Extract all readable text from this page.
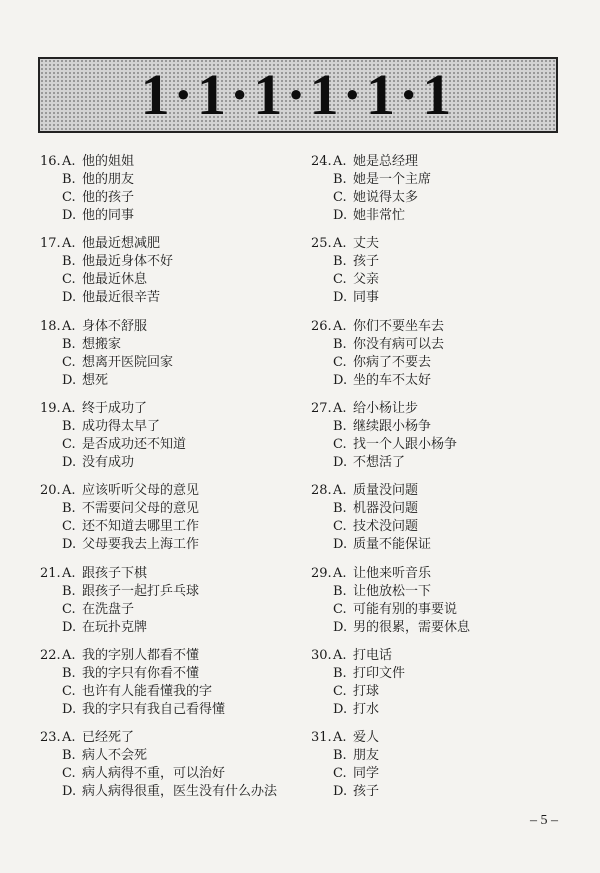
1·1·1·1·1·1
16. A. 他的姐姐
B. 他的朋友
C. 他的孩子
D. 他的同事
17. A. 他最近想减肥
B. 他最近身体不好
C. 他最近休息
D. 他最近很辛苦
18. A. 身体不舒服
B. 想搬家
C. 想离开医院回家
D. 想死
19. A. 终于成功了
B. 成功得太早了
C. 是否成功还不知道
D. 没有成功
20. A. 应该听听父母的意见
B. 不需要问父母的意见
C. 还不知道去哪里工作
D. 父母要我去上海工作
21. A. 跟孩子下棋
B. 跟孩子一起打乒乓球
C. 在洗盘子
D. 在玩扑克牌
22. A. 我的字别人都看不懂
B. 我的字只有你看不懂
C. 也许有人能看懂我的字
D. 我的字只有我自己看得懂
23. A. 已经死了
B. 病人不会死
C. 病人病得不重，可以治好
D. 病人病得很重，医生没有什么办法
24. A. 她是总经理
B. 她是一个主席
C. 她说得太多
D. 她非常忙
25. A. 丈夫
B. 孩子
C. 父亲
D. 同事
26. A. 你们不要坐车去
B. 你没有病可以去
C. 你病了不要去
D. 坐的车不太好
27. A. 给小杨让步
B. 继续跟小杨争
C. 找一个人跟小杨争
D. 不想活了
28. A. 质量没问题
B. 机器没问题
C. 技术没问题
D. 质量不能保证
29. A. 让他来听音乐
B. 让他放松一下
C. 可能有别的事要说
D. 男的很累，需要休息
30. A. 打电话
B. 打印文件
C. 打球
D. 打水
31. A. 爱人
B. 朋友
C. 同学
D. 孩子
– 5 –
